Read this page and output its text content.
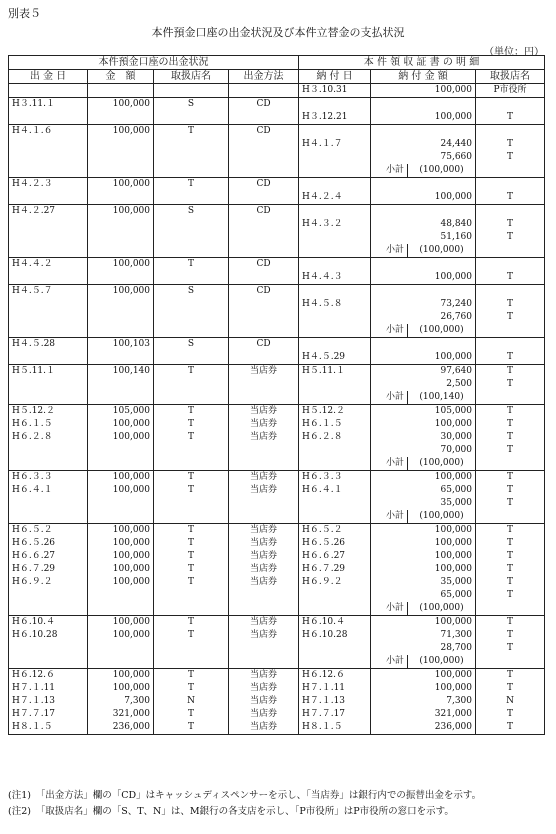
別表５
本件預金口座の出金状況及び本件立替金の支払状況
（単位：円）
本件預金口座の出金状況				本 件 領 収 証 書 の 明 細			
出 金 日	金　額	取扱店名	出金方法	納 付 日	納 付 金 額		取扱店名
				H３.10.31	100,000		P市役所
H３.11.１	100,000	S	CD				
				H３.12.21	100,000		T
H４.１.６	100,000	T	CD				
				H４.１.７	24,440		T
					75,660		T
					小計	(100,000)	
H４.２.３	100,000	T	CD				
				H４.２.４	100,000		T
H４.２.27	100,000	S	CD				
				H４.３.２	48,840		T
					51,160		T
					小計	(100,000)	
H４.４.２	100,000	T	CD				
				H４.４.３	100,000		T
H４.５.７	100,000	S	CD				
				H４.５.８	73,240		T
					26,760		T
					小計	(100,000)	
H４.５.28	100,103	S	CD				
				H４.５.29	100,000		T
H５.11.１	100,140	T	当店券	H５.11.１	97,640		T
					2,500		T
					小計	(100,140)	
H５.12.２	105,000	T	当店券	H５.12.２	105,000		T
H６.１.５	100,000	T	当店券	H６.１.５	100,000		T
H６.２.８	100,000	T	当店券	H６.２.８	30,000		T
					70,000		T
					小計	(100,000)	
H６.３.３	100,000	T	当店券	H６.３.３	100,000		T
H６.４.１	100,000	T	当店券	H６.４.１	65,000		T
					35,000		T
					小計	(100,000)	
H６.５.２	100,000	T	当店券	H６.５.２	100,000		T
H６.５.26	100,000	T	当店券	H６.５.26	100,000		T
H６.６.27	100,000	T	当店券	H６.６.27	100,000		T
H６.７.29	100,000	T	当店券	H６.７.29	100,000		T
H６.９.２	100,000	T	当店券	H６.９.２	35,000		T
					65,000		T
					小計	(100,000)	
H６.10.４	100,000	T	当店券	H６.10.４	100,000		T
H６.10.28	100,000	T	当店券	H６.10.28	71,300		T
					28,700		T
					小計	(100,000)	
H６.12.６	100,000	T	当店券	H６.12.６	100,000		T
H７.１.11	100,000	T	当店券	H７.１.11	100,000		T
H７.１.13	7,300	N	当店券	H７.１.13	7,300		N
H７.７.17	321,000	T	当店券	H７.７.17	321,000		T
H８.１.５	236,000	T	当店券	H８.１.５	236,000		T
(注1)　「出金方法」欄の「CD」はキャッシュディスペンサーを示し、「当店券」は銀行内での振替出金を示す。
(注2)　「取扱店名」欄の「S、T、N」は、M銀行の各支店を示し、「P市役所」はP市役所の窓口を示す。
